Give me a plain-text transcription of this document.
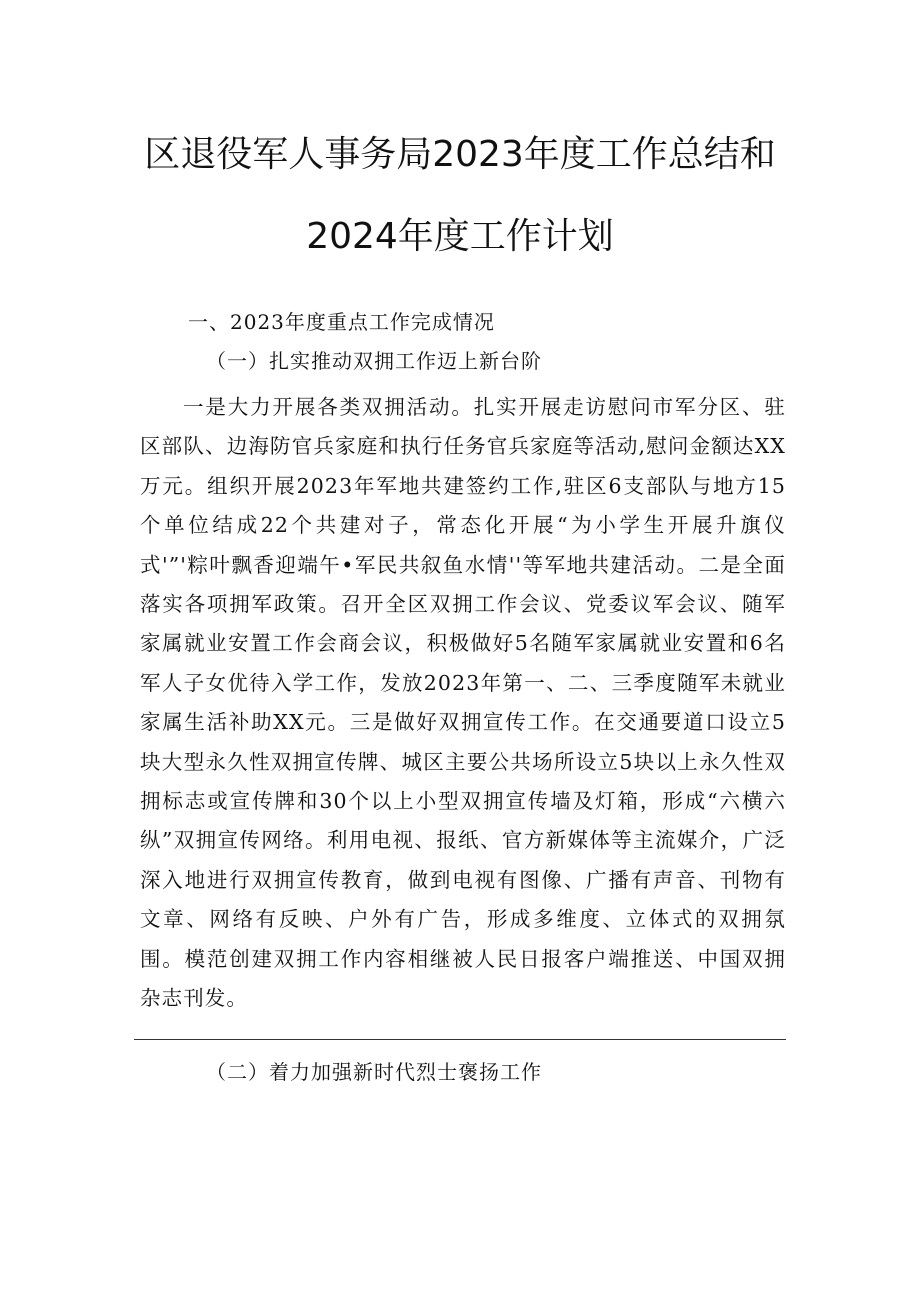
区退役军人事务局2023年度工作总结和
2024年度工作计划
一、2023年度重点工作完成情况
（一）扎实推动双拥工作迈上新台阶
一是大力开展各类双拥活动。扎实开展走访慰问市军分区、驻区部队、边海防官兵家庭和执行任务官兵家庭等活动,慰问金额达XX万元。组织开展2023年军地共建签约工作,驻区6支部队与地方15个单位结成22个共建对子，常态化开展“为小学生开展升旗仪式'”'粽叶飘香迎端午•军民共叙鱼水情''等军地共建活动。二是全面落实各项拥军政策。召开全区双拥工作会议、党委议军会议、随军家属就业安置工作会商会议，积极做好5名随军家属就业安置和6名军人子女优待入学工作，发放2023年第一、二、三季度随军未就业家属生活补助XX元。三是做好双拥宣传工作。在交通要道口设立5块大型永久性双拥宣传牌、城区主要公共场所设立5块以上永久性双拥标志或宣传牌和30个以上小型双拥宣传墙及灯箱，形成“六横六纵”双拥宣传网络。利用电视、报纸、官方新媒体等主流媒介，广泛深入地进行双拥宣传教育，做到电视有图像、广播有声音、刊物有文章、网络有反映、户外有广告，形成多维度、立体式的双拥氛围。模范创建双拥工作内容相继被人民日报客户端推送、中国双拥杂志刊发。
（二）着力加强新时代烈士褒扬工作
